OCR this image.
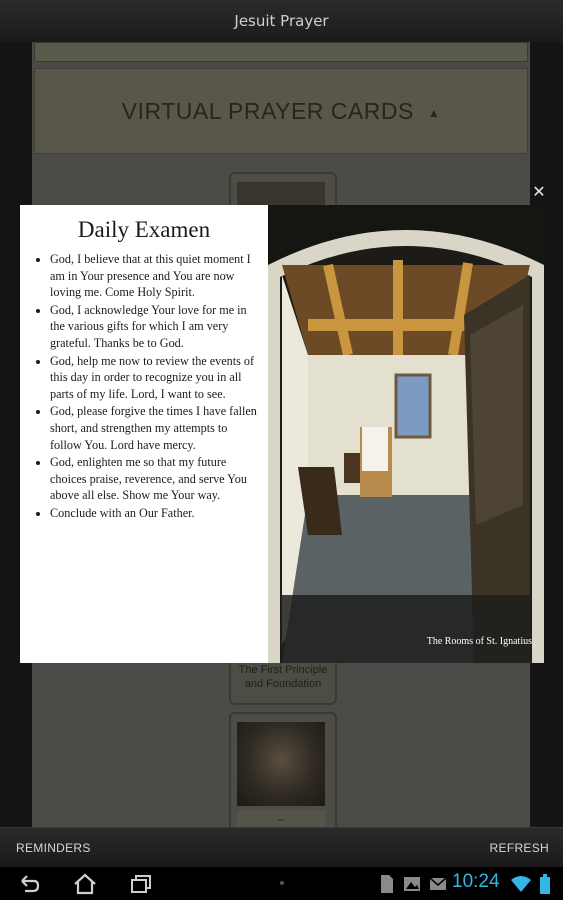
Jesuit Prayer
VIRTUAL PRAYER CARDS ▲
The First Principle
and Foundation
~
✕
Daily Examen
• God, I believe that at this quiet moment I am in Your presence and You are now loving me. Come Holy Spirit.
• God, I acknowledge Your love for me in the various gifts for which I am very grateful. Thanks be to God.
• God, help me now to review the events of this day in order to recognize you in all parts of my life. Lord, I want to see.
• God, please forgive the times I have fallen short, and strengthen my attempts to follow You. Lord have mercy.
• God, enlighten me so that my future choices praise, reverence, and serve You above all else. Show me Your way.
• Conclude with an Our Father.
The Rooms of St. Ignatius
REMINDERS	REFRESH
10:24
